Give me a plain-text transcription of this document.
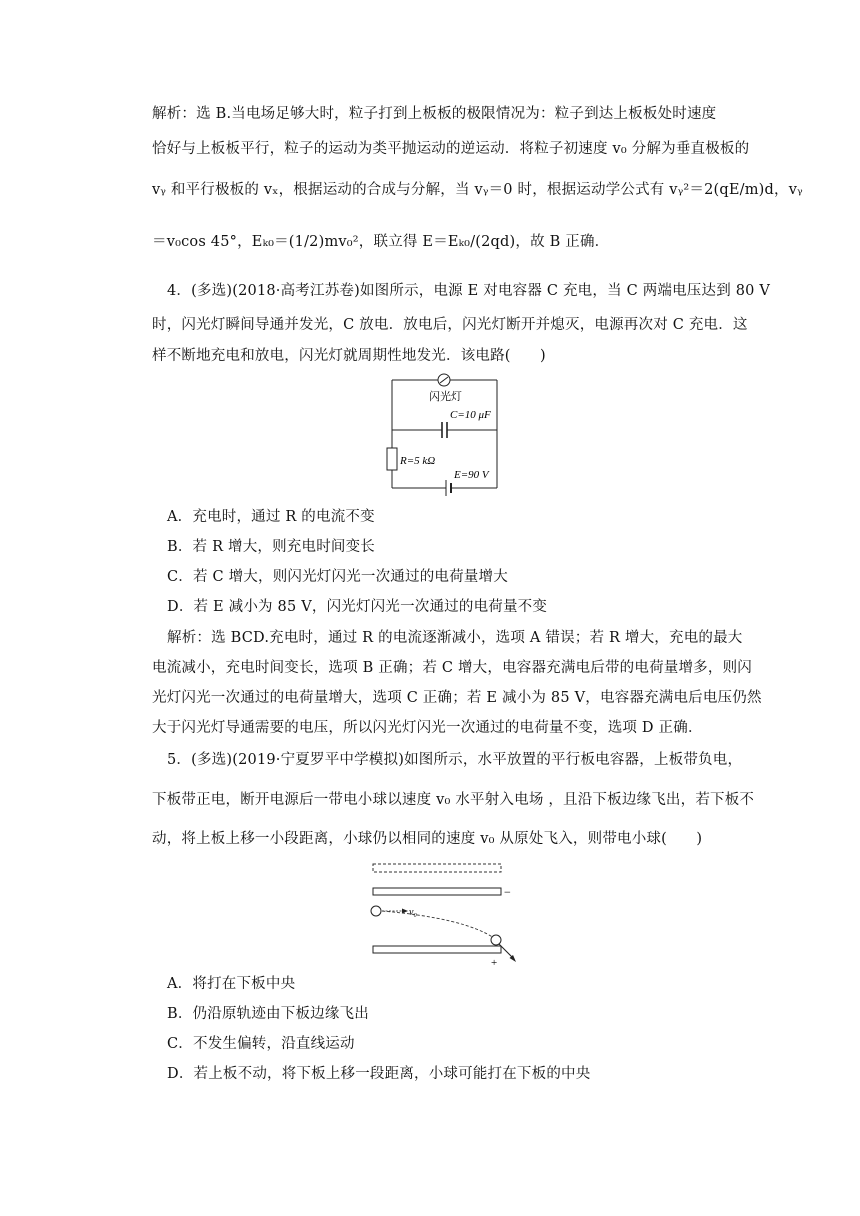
解析：选 B.当电场足够大时，粒子打到上板板的极限情况为：粒子到达上板板处时速度
恰好与上板板平行，粒子的运动为类平抛运动的逆运动．将粒子初速度 v₀ 分解为垂直极板的
vᵧ 和平行极板的 vₓ，根据运动的合成与分解，当 vᵧ＝0 时，根据运动学公式有 vᵧ²＝2(qE/m)d，vᵧ
＝v₀cos 45°，Eₖ₀＝(1/2)mv₀²，联立得 E＝Eₖ₀/(2qd)，故 B 正确．
4．(多选)(2018·高考江苏卷)如图所示，电源 E 对电容器 C 充电，当 C 两端电压达到 80 V
时，闪光灯瞬间导通并发光，C 放电．放电后，闪光灯断开并熄灭，电源再次对 C 充电．这
样不断地充电和放电，闪光灯就周期性地发光．该电路(　　)
闪光灯
C=10 μF
R=5 kΩ
E=90 V
A．充电时，通过 R 的电流不变
B．若 R 增大，则充电时间变长
C．若 C 增大，则闪光灯闪光一次通过的电荷量增大
D．若 E 减小为 85 V，闪光灯闪光一次通过的电荷量不变
解析：选 BCD.充电时，通过 R 的电流逐渐减小，选项 A 错误；若 R 增大，充电的最大
电流减小，充电时间变长，选项 B 正确；若 C 增大，电容器充满电后带的电荷量增多，则闪
光灯闪光一次通过的电荷量增大，选项 C 正确；若 E 减小为 85 V，电容器充满电后电压仍然
大于闪光灯导通需要的电压，所以闪光灯闪光一次通过的电荷量不变，选项 D 正确．
5．(多选)(2019·宁夏罗平中学模拟)如图所示，水平放置的平行板电容器，上板带负电，
下板带正电，断开电源后一带电小球以速度 v₀ 水平射入电场 ，且沿下板边缘飞出，若下板不
动，将上板上移一小段距离，小球仍以相同的速度 v₀ 从原处飞入，则带电小球(　　)
−
v₀
+
A．将打在下板中央
B．仍沿原轨迹由下板边缘飞出
C．不发生偏转，沿直线运动
D．若上板不动，将下板上移一段距离，小球可能打在下板的中央
